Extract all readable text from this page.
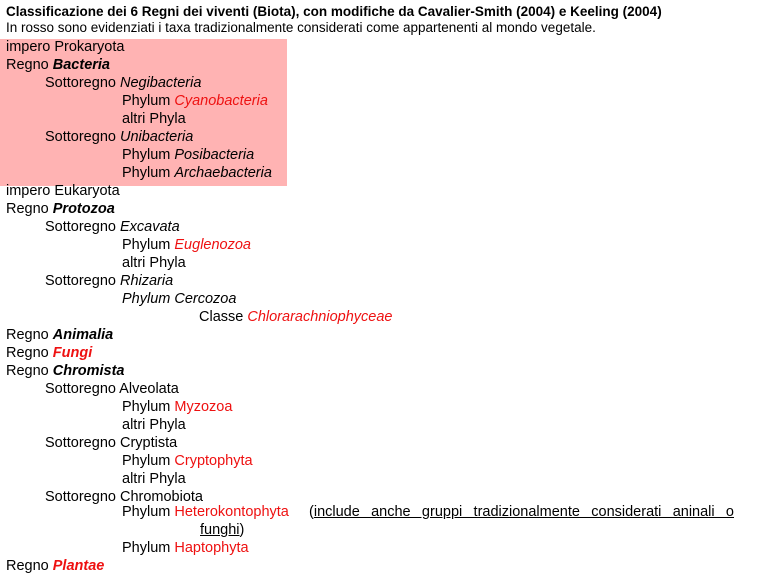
Classificazione dei 6 Regni dei viventi (Biota), con modifiche da Cavalier-Smith (2004) e Keeling (2004)
In rosso sono evidenziati i taxa tradizionalmente considerati come appartenenti al mondo vegetale.
impero Prokaryota
Regno Bacteria
Sottoregno Negibacteria
Phylum Cyanobacteria
altri Phyla
Sottoregno Unibacteria
Phylum Posibacteria
Phylum Archaebacteria
impero Eukaryota
Regno Protozoa
Sottoregno Excavata
Phylum Euglenozoa
altri Phyla
Sottoregno Rhizaria
Phylum Cercozoa
Classe Chlorarachniophyceae
Regno Animalia
Regno Fungi
Regno Chromista
Sottoregno Alveolata
Phylum Myzozoa
altri Phyla
Sottoregno Cryptista
Phylum Cryptophyta
altri Phyla
Sottoregno Chromobiota
Phylum Heterokontophyta (include anche gruppi tradizionalmente considerati aninali o
funghi)
Phylum Haptophyta
Regno Plantae
